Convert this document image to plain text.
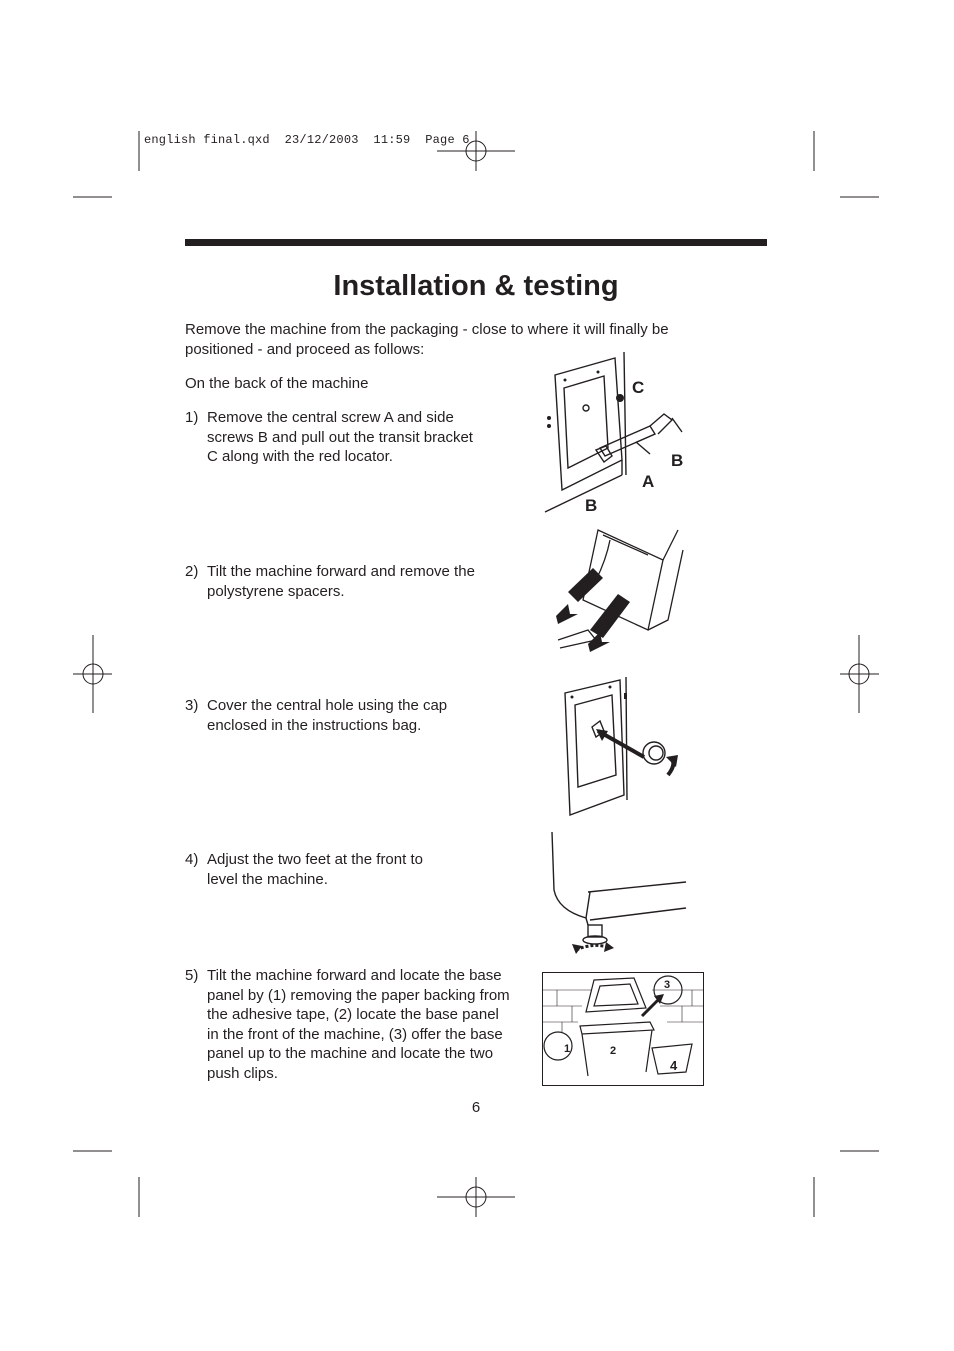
english final.qxd  23/12/2003  11:59  Page 6
Installation & testing
Remove the machine from the packaging - close to where it will finally be positioned - and proceed as follows:
On the back of the machine
1) Remove the central screw A and side screws B and pull out the transit bracket C along with the red locator.
2) Tilt the machine forward and remove the polystyrene spacers.
3) Cover the central hole using the cap enclosed in the instructions bag.
4) Adjust the two feet at the front to level the machine.
5) Tilt the machine forward and locate the base panel by (1) removing the paper backing from the adhesive tape, (2) locate the base panel in the front of the machine, (3) offer the base panel up to the machine and locate the two push clips.
C
B
A
B
1	2
3
4
6
